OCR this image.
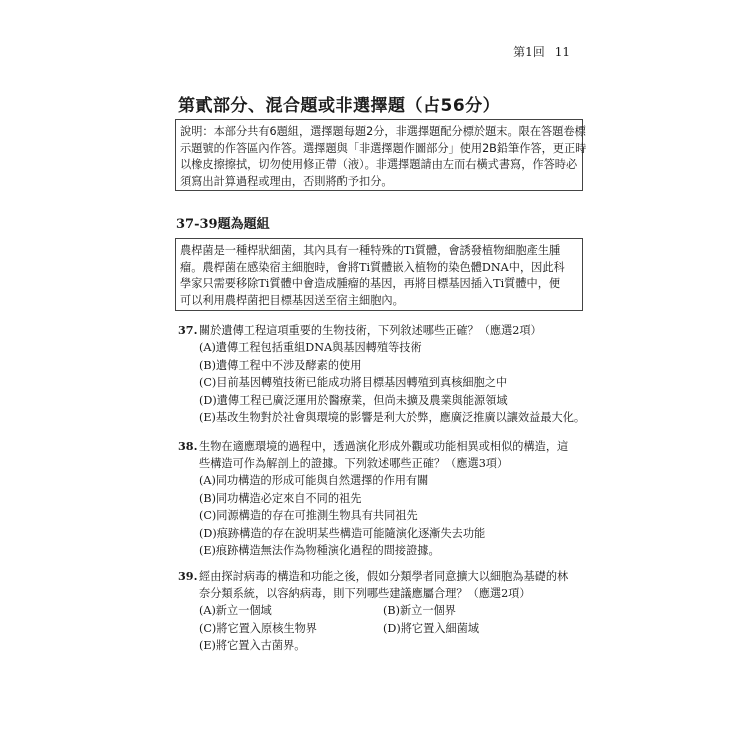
第1回 11
第貳部分、混合題或非選擇題（占56分）
說明：本部分共有6題組，選擇題每題2分，非選擇題配分標於題末。限在答題卷標
示題號的作答區內作答。選擇題與「非選擇題作圖部分」使用2B鉛筆作答，更正時
以橡皮擦擦拭，切勿使用修正帶（液）。非選擇題請由左而右橫式書寫，作答時必
須寫出計算過程或理由，否則將酌予扣分。
37-39題為題組
農桿菌是一種桿狀細菌，其內具有一種特殊的Ti質體，會誘發植物細胞產生腫
瘤。農桿菌在感染宿主細胞時，會將Ti質體嵌入植物的染色體DNA中，因此科
學家只需要移除Ti質體中會造成腫瘤的基因，再將目標基因插入Ti質體中，便
可以利用農桿菌把目標基因送至宿主細胞內。
37. 關於遺傳工程這項重要的生物技術，下列敘述哪些正確？（應選2項）
(A)遺傳工程包括重組DNA與基因轉殖等技術
(B)遺傳工程中不涉及酵素的使用
(C)目前基因轉殖技術已能成功將目標基因轉殖到真核細胞之中
(D)遺傳工程已廣泛運用於醫療業，但尚未擴及農業與能源領域
(E)基改生物對於社會與環境的影響是利大於弊，應廣泛推廣以讓效益最大化。
38. 生物在適應環境的過程中，透過演化形成外觀或功能相異或相似的構造，這
些構造可作為解剖上的證據。下列敘述哪些正確？（應選3項）
(A)同功構造的形成可能與自然選擇的作用有關
(B)同功構造必定來自不同的祖先
(C)同源構造的存在可推測生物具有共同祖先
(D)痕跡構造的存在說明某些構造可能隨演化逐漸失去功能
(E)痕跡構造無法作為物種演化過程的間接證據。
39. 經由探討病毒的構造和功能之後，假如分類學者同意擴大以細胞為基礎的林
奈分類系統，以容納病毒，則下列哪些建議應屬合理？（應選2項）
(A)新立一個域	(B)新立一個界
(C)將它置入原核生物界	(D)將它置入細菌域
(E)將它置入古菌界。
